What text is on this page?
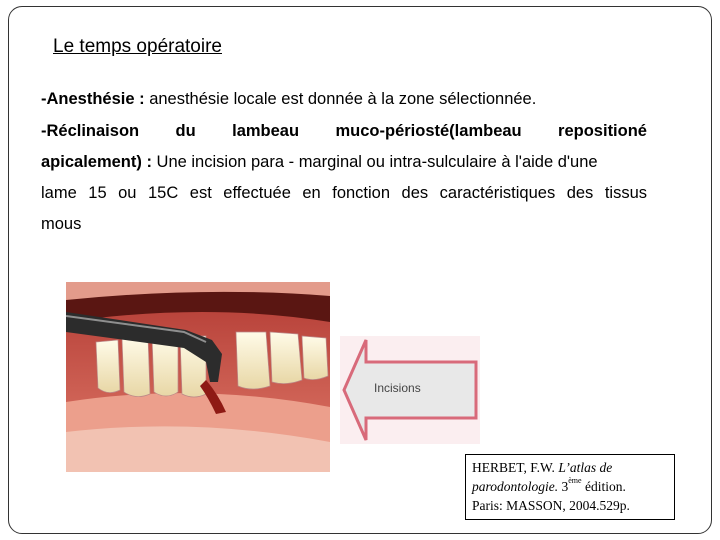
Le temps opératoire
-Anesthésie : anesthésie locale est donnée à la zone sélectionnée.
-Réclinaison du lambeau muco-périosté(lambeau repositioné
apicalement) : Une incision para - marginal ou intra-sulculaire à l'aide d'une
lame 15 ou 15C est effectuée en fonction des caractéristiques des tissus
mous
Incisions
HERBET, F.W. L’atlas de parodontologie. 3ème édition.
Paris: MASSON, 2004.529p.
